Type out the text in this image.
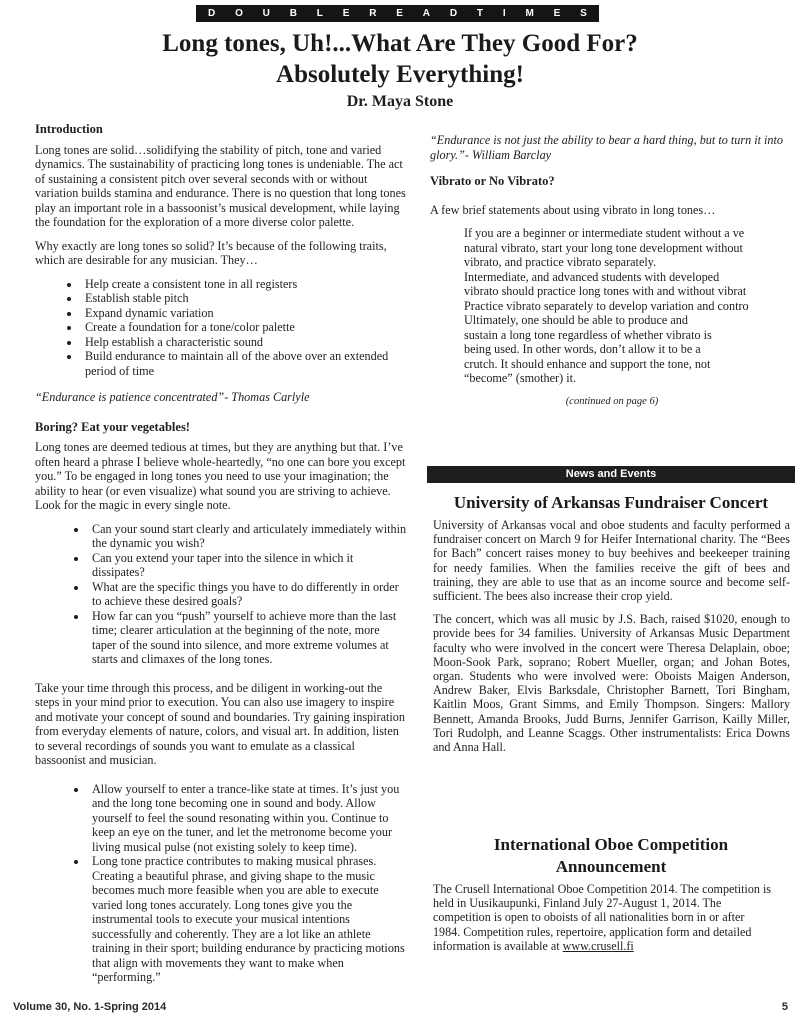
D O U B L E R E A D T I M E S
Long tones, Uh!...What Are They Good For?
Absolutely Everything!
Dr. Maya Stone
Introduction

Long tones are solid…solidifying the stability of pitch, tone and varied dynamics. The sustainability of practicing long tones is undeniable. The act of sustaining a consistent pitch over several seconds with or without variation builds stamina and endurance. There is no question that long tones play an important role in a bassoonist’s musical development, while laying the foundation for the exploration of a more diverse color palette.

Why exactly are long tones so solid? It’s because of the following traits, which are desirable for any musician. They…

• Help create a consistent tone in all registers
• Establish stable pitch
• Expand dynamic variation
• Create a foundation for a tone/color palette
• Help establish a characteristic sound
• Build endurance to maintain all of the above over an extended period of time
“Endurance is patience concentrated”- Thomas Carlyle
Boring? Eat your vegetables!

Long tones are deemed tedious at times, but they are anything but that. I’ve often heard a phrase I believe whole-heartedly, “no one can bore you except you.” To be engaged in long tones you need to use your imagination; the ability to hear (or even visualize) what sound you are striving to achieve. Look for the magic in every single note.

• Can your sound start clearly and articulately immediately within the dynamic you wish?
• Can you extend your taper into the silence in which it dissipates?
• What are the specific things you have to do differently in order to achieve these desired goals?
• How far can you “push” yourself to achieve more than the last time; clearer articulation at the beginning of the note, more taper of the sound into silence, and more extreme volumes at starts and climaxes of the long tones.

Take your time through this process, and be diligent in working-out the steps in your mind prior to execution. You can also use imagery to inspire and motivate your concept of sound and boundaries. Try gaining inspiration from everyday elements of nature, colors, and visual art. In addition, listen to several recordings of sounds you want to emulate as a classical bassoonist and musician.

• Allow yourself to enter a trance-like state at times. It’s just you and the long tone becoming one in sound and body. Allow yourself to feel the sound resonating within you. Continue to keep an eye on the tuner, and let the metronome become your living musical pulse (not existing solely to keep time).
• Long tone practice contributes to making musical phrases. Creating a beautiful phrase, and giving shape to the music becomes much more feasible when you are able to execute varied long tones accurately. Long tones give you the instrumental tools to execute your musical intentions successfully and coherently. They are a lot like an athlete training in their sport; building endurance by practicing motions that align with movements they want to make when “performing.”
“Endurance is not just the ability to bear a hard thing, but to turn it into glory.”- William Barclay
Vibrato or No Vibrato?

A few brief statements about using vibrato in long tones…

• If you are a beginner or intermediate student without a ve
natural vibrato, start your long tone development without
vibrato, and practice vibrato separately.
• Intermediate, and advanced students with developed
vibrato should practice long tones with and without vibrat
• Practice vibrato separately to develop variation and contro
• Ultimately, one should be able to produce and
sustain a long tone regardless of whether vibrato is
being used. In other words, don’t allow it to be a
crutch. It should enhance and support the tone, not
“become” (smother) it.
(continued on page 6)
News and Events
University of Arkansas Fundraiser Concert

University of Arkansas vocal and oboe students and faculty performed a fundraiser concert on March 9 for Heifer International charity. The “Bees for Bach” concert raises money to buy beehives and beekeeper training for needy families. When the families receive the gift of bees and training, they are able to use that as an income source and become self-sufficient. The bees also increase their crop yield.

The concert, which was all music by J.S. Bach, raised $1020, enough to provide bees for 34 families. University of Arkansas Music Department faculty who were involved in the concert were Theresa Delaplain, oboe; Moon-Sook Park, soprano; Robert Mueller, organ; and Johan Botes, organ. Students who were involved were: Oboists Maigen Anderson, Andrew Baker, Elvis Barksdale, Christopher Barnett, Tori Bingham, Kaitlin Moos, Grant Simms, and Emily Thompson. Singers: Mallory Bennett, Amanda Brooks, Judd Burns, Jennifer Garrison, Kailly Miller, Tori Rudolph, and Leanne Scaggs. Other instrumentalists: Erica Downs and Anna Hall.

International Oboe Competition
Announcement
The Crusell International Oboe Competition 2014. The competition is held in Uusikaupunki, Finland July 27-August 1, 2014. The competition is open to oboists of all nationalities born in or after 1984. Competition rules, repertoire, application form and detailed information is available at www.crusell.fi
Volume 30, No. 1-Spring 2014	5
